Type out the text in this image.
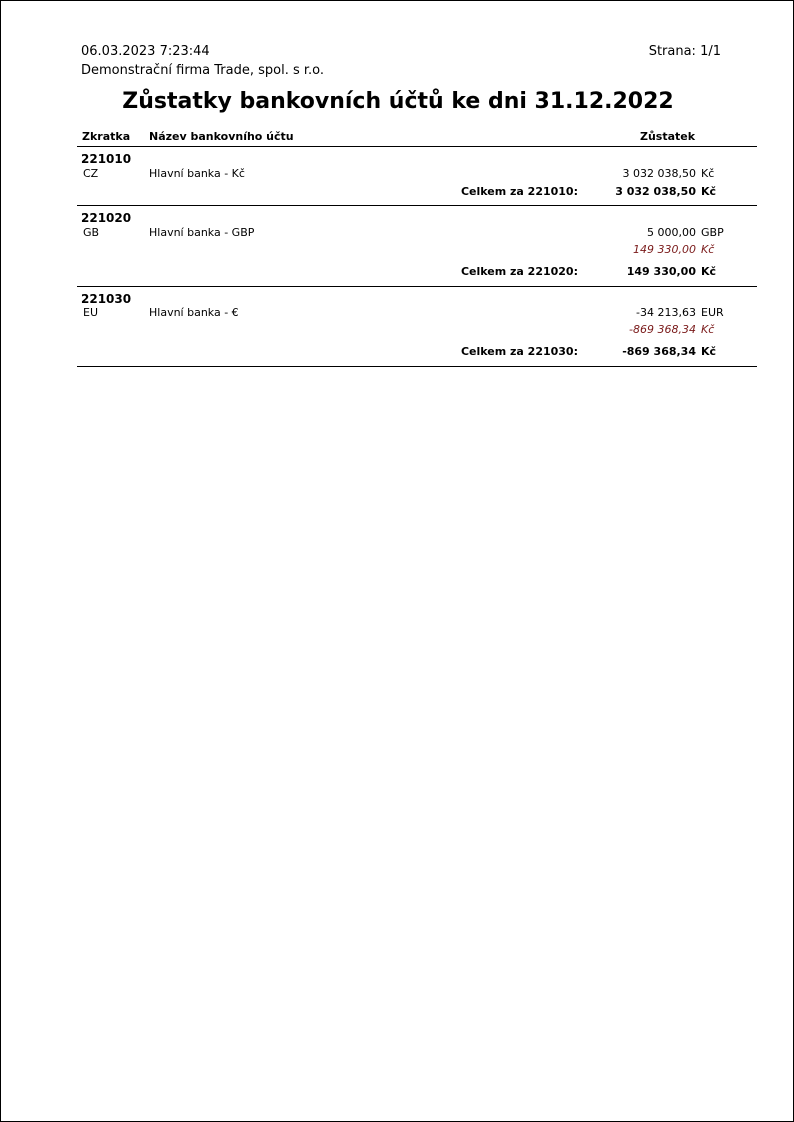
06.03.2023 7:23:44	Strana: 1/1
Demonstrační firma Trade, spol. s r.o.
Zůstatky bankovních účtů ke dni 31.12.2022
Zkratka Název bankovního účtu	Zůstatek
221010
CZ	Hlavní banka - Kč	3 032 038,50 Kč
Celkem za 221010:	3 032 038,50 Kč
221020
GB	Hlavní banka - GBP	5 000,00 GBP
149 330,00 Kč
Celkem za 221020:	149 330,00 Kč
221030
EU	Hlavní banka - €	-34 213,63 EUR
-869 368,34 Kč
Celkem za 221030:	-869 368,34 Kč
